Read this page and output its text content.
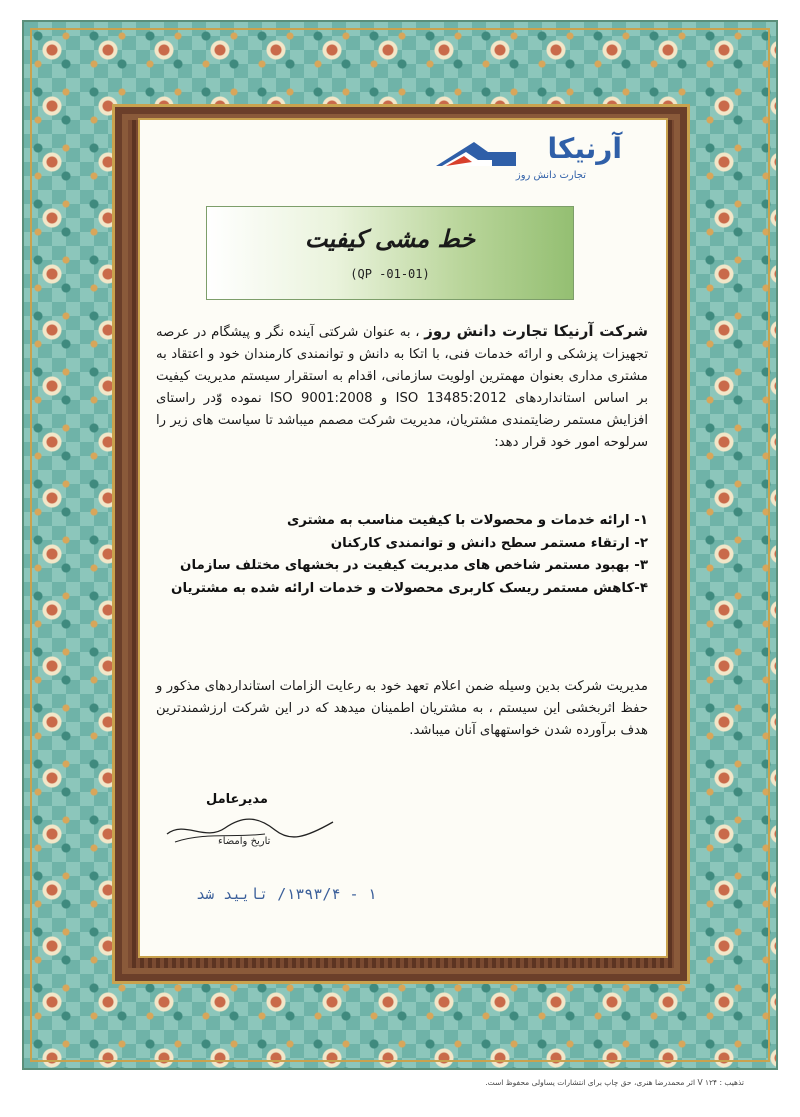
آرنیکا
تجارت دانش روز
خط مشی کیفیت
(QP -01-01)
شرکت آرنیکا تجارت دانش روز ، به عنوان شرکتی آینده نگر و پیشگام در عرصه تجهیزات پزشکی و ارائه خدمات فنی، با اتکا به دانش و توانمندی کارمندان خود و اعتقاد به مشتری مداری بعنوان مهمترین اولویت سازمانی، اقدام به استقرار سیستم مدیریت کیفیت بر اساس استانداردهای ISO 13485:2012 و ISO 9001:2008 نموده وّدر راستای افزایش مستمر رضایتمندی مشتریان، مدیریت شرکت مصمم میباشد تا سیاست های زیر را سرلوحه امور خود قرار دهد:

۱- ارائه خدمات و محصولات با کیفیت مناسب به مشتری

۲- ارتقاء مستمر سطح دانش و توانمندی کارکنان

۳- بهبود مستمر شاخص های مدیریت کیفیت در بخشهای مختلف سازمان

۴-کاهش مستمر ریسک کاربری محصولات و خدمات ارائه شده به مشتریان

مدیریت شرکت بدین وسیله ضمن اعلام تعهد خود به رعایت الزامات استانداردهای مذکور و حفظ اثربخشی این سیستم ، به مشتریان اطمینان میدهد که در این شرکت ارزشمندترین هدف برآورده شدن خواستههای آنان میباشد.
مدیرعامل
تاریخ وامضاء
۱ - ۱۳۹۳/۴/ تایید شد
تذهیب : ۱۲۴ V اثر محمدرضا هنری، حق چاپ برای انتشارات یساولی محفوظ است.
